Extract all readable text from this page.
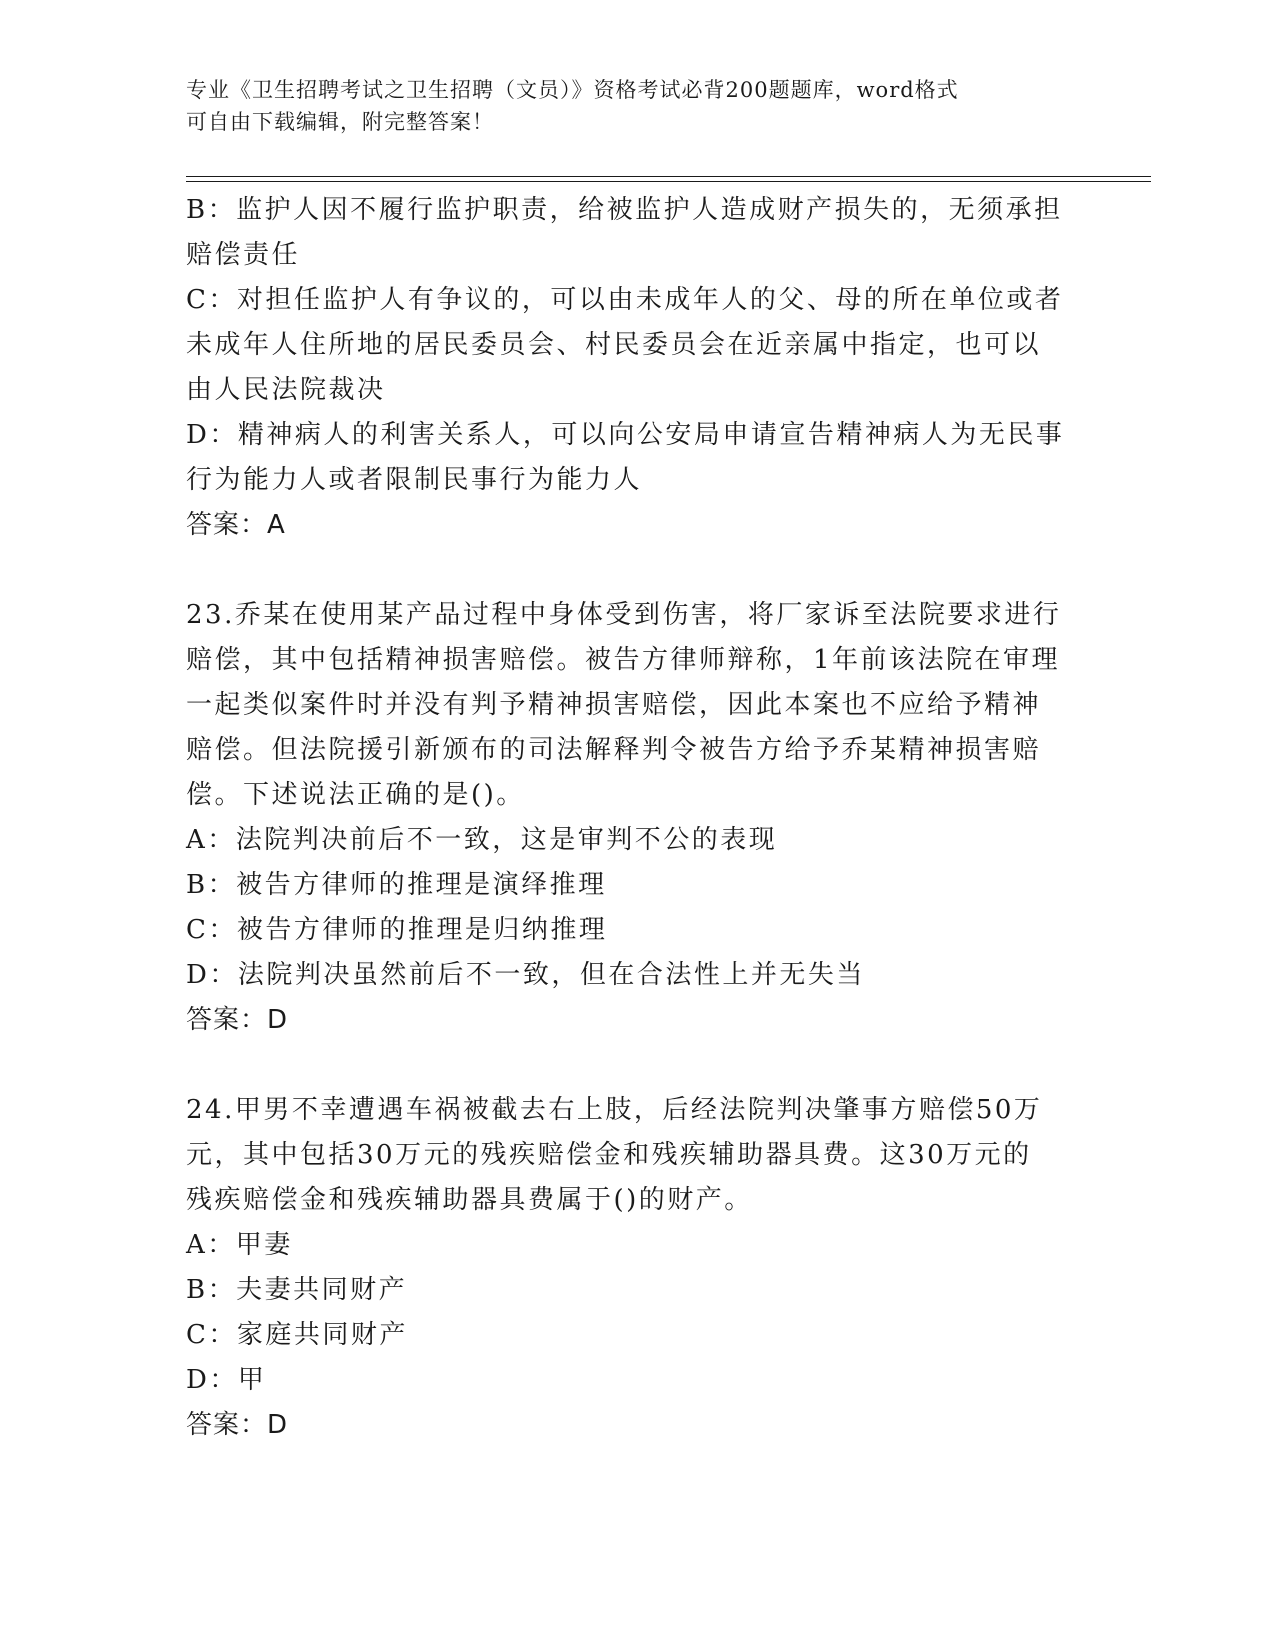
专业《卫生招聘考试之卫生招聘（文员）》资格考试必背200题题库，word格式
可自由下载编辑，附完整答案！
B：监护人因不履行监护职责，给被监护人造成财产损失的，无须承担
赔偿责任
C：对担任监护人有争议的，可以由未成年人的父、母的所在单位或者
未成年人住所地的居民委员会、村民委员会在近亲属中指定，也可以
由人民法院裁决
D：精神病人的利害关系人，可以向公安局申请宣告精神病人为无民事
行为能力人或者限制民事行为能力人
答案：A
23.乔某在使用某产品过程中身体受到伤害，将厂家诉至法院要求进行
赔偿，其中包括精神损害赔偿。被告方律师辩称，1年前该法院在审理
一起类似案件时并没有判予精神损害赔偿，因此本案也不应给予精神
赔偿。但法院援引新颁布的司法解释判令被告方给予乔某精神损害赔
偿。下述说法正确的是()。
A：法院判决前后不一致，这是审判不公的表现
B：被告方律师的推理是演绎推理
C：被告方律师的推理是归纳推理
D：法院判决虽然前后不一致，但在合法性上并无失当
答案：D
24.甲男不幸遭遇车祸被截去右上肢，后经法院判决肇事方赔偿50万
元，其中包括30万元的残疾赔偿金和残疾辅助器具费。这30万元的
残疾赔偿金和残疾辅助器具费属于()的财产。
A：甲妻
B：夫妻共同财产
C：家庭共同财产
D：甲
答案：D
